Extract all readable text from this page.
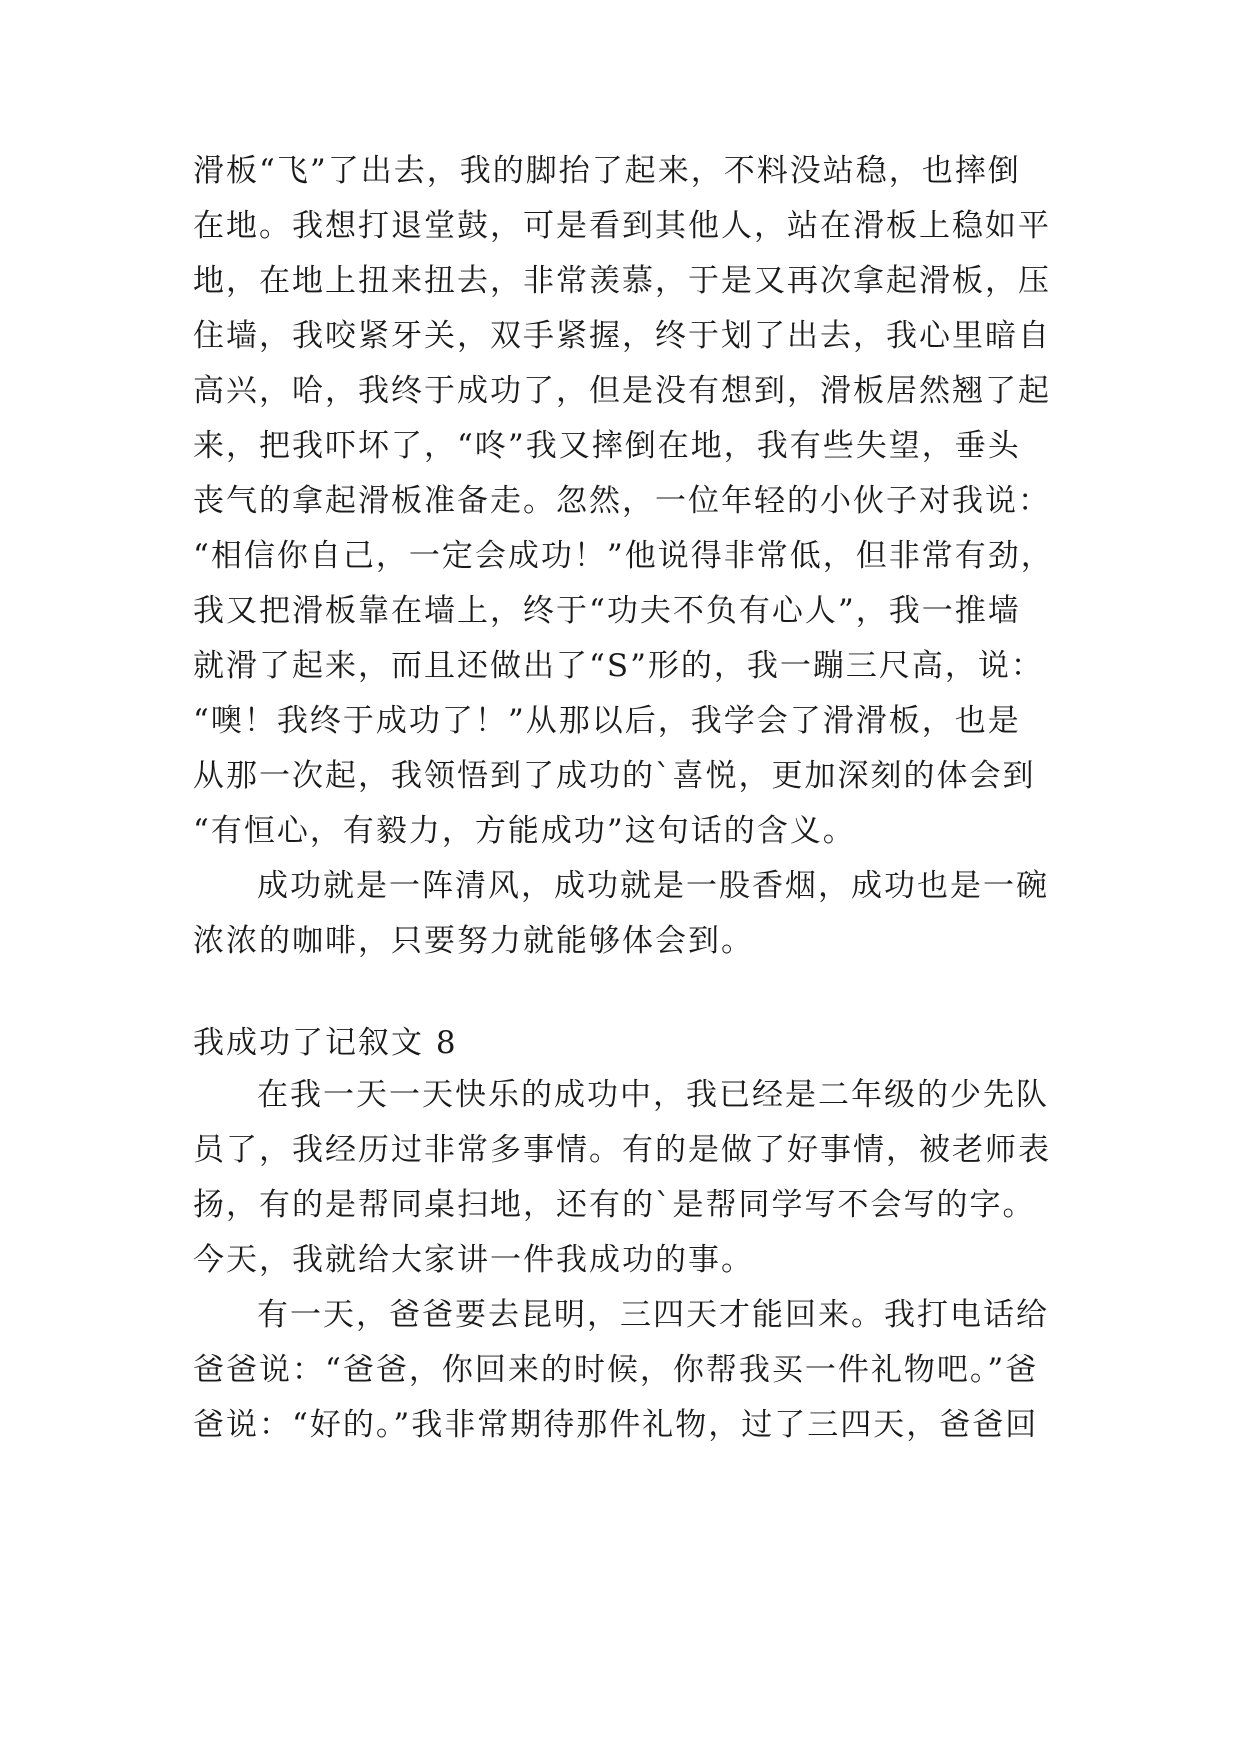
滑板“飞”了出去，我的脚抬了起来，不料没站稳，也摔倒
在地。我想打退堂鼓，可是看到其他人，站在滑板上稳如平
地，在地上扭来扭去，非常羡慕，于是又再次拿起滑板，压
住墙，我咬紧牙关，双手紧握，终于划了出去，我心里暗自
高兴，哈，我终于成功了，但是没有想到，滑板居然翘了起
来，把我吓坏了，“咚”我又摔倒在地，我有些失望，垂头
丧气的拿起滑板准备走。忽然，一位年轻的小伙子对我说：
“相信你自己，一定会成功！”他说得非常低，但非常有劲，
我又把滑板靠在墙上，终于“功夫不负有心人”，我一推墙
就滑了起来，而且还做出了“S”形的，我一蹦三尺高，说：
“噢！我终于成功了！”从那以后，我学会了滑滑板，也是
从那一次起，我领悟到了成功的`喜悦，更加深刻的体会到
“有恒心，有毅力，方能成功”这句话的含义。
成功就是一阵清风，成功就是一股香烟，成功也是一碗
浓浓的咖啡，只要努力就能够体会到。
我成功了记叙文 8
在我一天一天快乐的成功中，我已经是二年级的少先队
员了，我经历过非常多事情。有的是做了好事情，被老师表
扬，有的是帮同桌扫地，还有的`是帮同学写不会写的字。
今天，我就给大家讲一件我成功的事。
有一天，爸爸要去昆明，三四天才能回来。我打电话给
爸爸说：“爸爸，你回来的时候，你帮我买一件礼物吧。”爸
爸说：“好的。”我非常期待那件礼物，过了三四天，爸爸回
